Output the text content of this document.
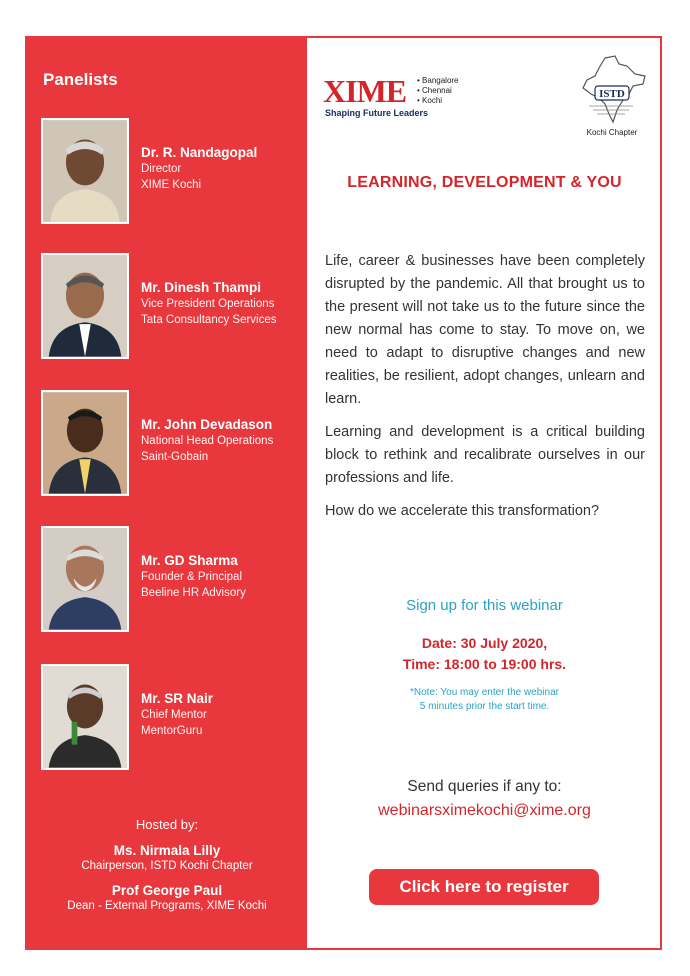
Panelists
Dr. R. Nandagopal
Director
XIME Kochi
Mr. Dinesh Thampi
Vice President Operations
Tata Consultancy Services
Mr. John Devadason
National Head Operations
Saint-Gobain
Mr. GD Sharma
Founder & Principal
Beeline HR Advisory
Mr. SR Nair
Chief Mentor
MentorGuru
Hosted by:
Ms. Nirmala Lilly
Chairperson, ISTD Kochi Chapter
Prof George Paul
Dean - External Programs, XIME Kochi
XIME • Bangalore
• Chennai
• Kochi
Shaping Future Leaders
ISTD
Kochi Chapter
LEARNING, DEVELOPMENT & YOU

Life, career & businesses have been completely disrupted by the pandemic. All that brought us to the present will not take us to the future since the new normal has come to stay. To move on, we need to adapt to disruptive changes and new realities, be resilient, adopt changes, unlearn and learn.

Learning and development is a critical building block to rethink and recalibrate ourselves in our professions and life.

How do we accelerate this transformation?

Sign up for this webinar
Date: 30 July 2020,
Time: 18:00 to 19:00 hrs.
*Note: You may enter the webinar
5 minutes prior the start time.
Send queries if any to:
webinarsximekochi@xime.org
Click here to register
